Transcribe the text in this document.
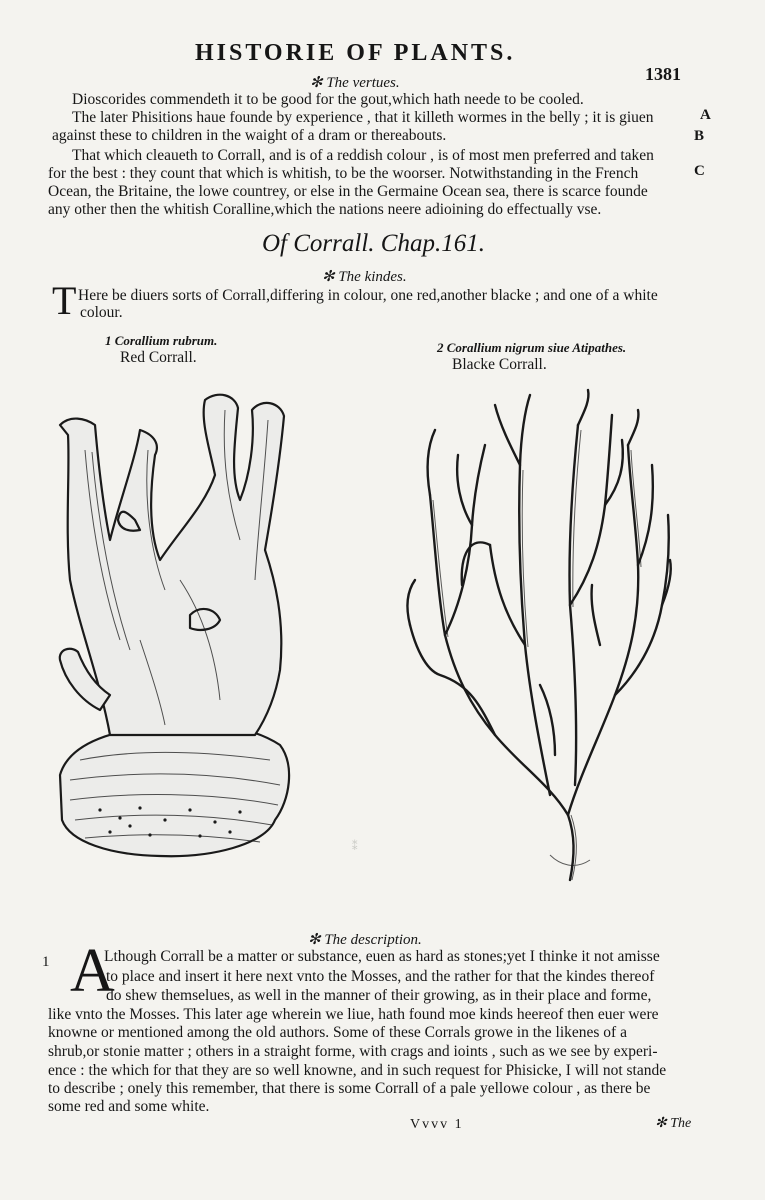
HISTORIE OF PLANTS.
1381
✻ The vertues.
Dioscorides commendeth it to be good for the gout,which hath neede to be cooled.
The later Phisitions haue founde by experience , that it killeth wormes in the belly ; it is giuen
against these to children in the waight of a dram or thereabouts.
That which cleaueth to Corrall, and is of a reddish colour , is of most men preferred and taken
for the best : they count that which is whitish, to be the woorser. Notwithstanding in the French
Ocean, the Britaine, the lowe countrey, or else in the Germaine Ocean sea, there is scarce founde
any other then the whitish Coralline,which the nations neere adioining do effectually vse.
A
B
C
Of Corrall. Chap.161.
✻ The kindes.
T Here be diuers sorts of Corrall,differing in colour, one red,another blacke ; and one of a white
colour.
1 Corallium rubrum.
Red Corrall.
2 Corallium nigrum siue Atipathes.
Blacke Corrall.
⁑
✻ The description.
1 A
Lthough Corrall be a matter or substance, euen as hard as stones;yet I thinke it not amisse
to place and insert it here next vnto the Mosses, and the rather for that the kindes thereof
do shew themselues, as well in the manner of their growing, as in their place and forme,
like vnto the Mosses. This later age wherein we liue, hath found moe kinds heereof then euer were
knowne or mentioned among the old authors. Some of these Corrals growe in the likenes of a
shrub,or stonie matter ; others in a straight forme, with crags and ioints , such as we see by experi-
ence : the which for that they are so well knowne, and in such request for Phisicke, I will not stande
to describe ; onely this remember, that there is some Corrall of a pale yellowe colour , as there be
some red and some white.
Vvvv 1	✻ The
